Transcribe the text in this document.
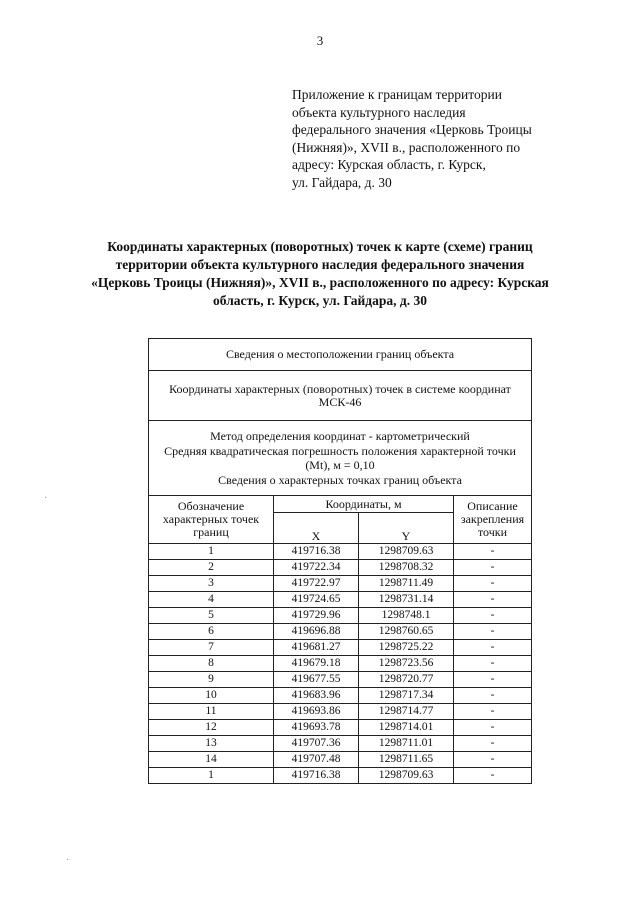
3
Приложение к границам территории
объекта культурного наследия
федерального значения «Церковь Троицы
(Нижняя)», XVII в., расположенного по
адресу: Курская область, г. Курск,
ул. Гайдара, д. 30
Координаты характерных (поворотных) точек к карте (схеме) границ
территории объекта культурного наследия федерального значения
«Церковь Троицы (Нижняя)», XVII в., расположенного по адресу: Курская
область, г. Курск, ул. Гайдара, д. 30
Сведения о местоположении границ объекта			
Координаты характерных (поворотных) точек в системе координат МСК-46			

Метод определения координат - картометрический
Средняя квадратическая погрешность положения характерной точки (Mt), м = 0,10
Сведения о характерных точках границ объекта			

Обозначение характерных точек границ	Координаты, м		Описание закрепления точки
	X	Y	
1	419716.38	1298709.63	-
2	419722.34	1298708.32	-
3	419722.97	1298711.49	-
4	419724.65	1298731.14	-
5	419729.96	1298748.1	-
6	419696.88	1298760.65	-
7	419681.27	1298725.22	-
8	419679.18	1298723.56	-
9	419677.55	1298720.77	-
10	419683.96	1298717.34	-
11	419693.86	1298714.77	-
12	419693.78	1298714.01	-
13	419707.36	1298711.01	-
14	419707.48	1298711.65	-
1	419716.38	1298709.63	-
·
·
